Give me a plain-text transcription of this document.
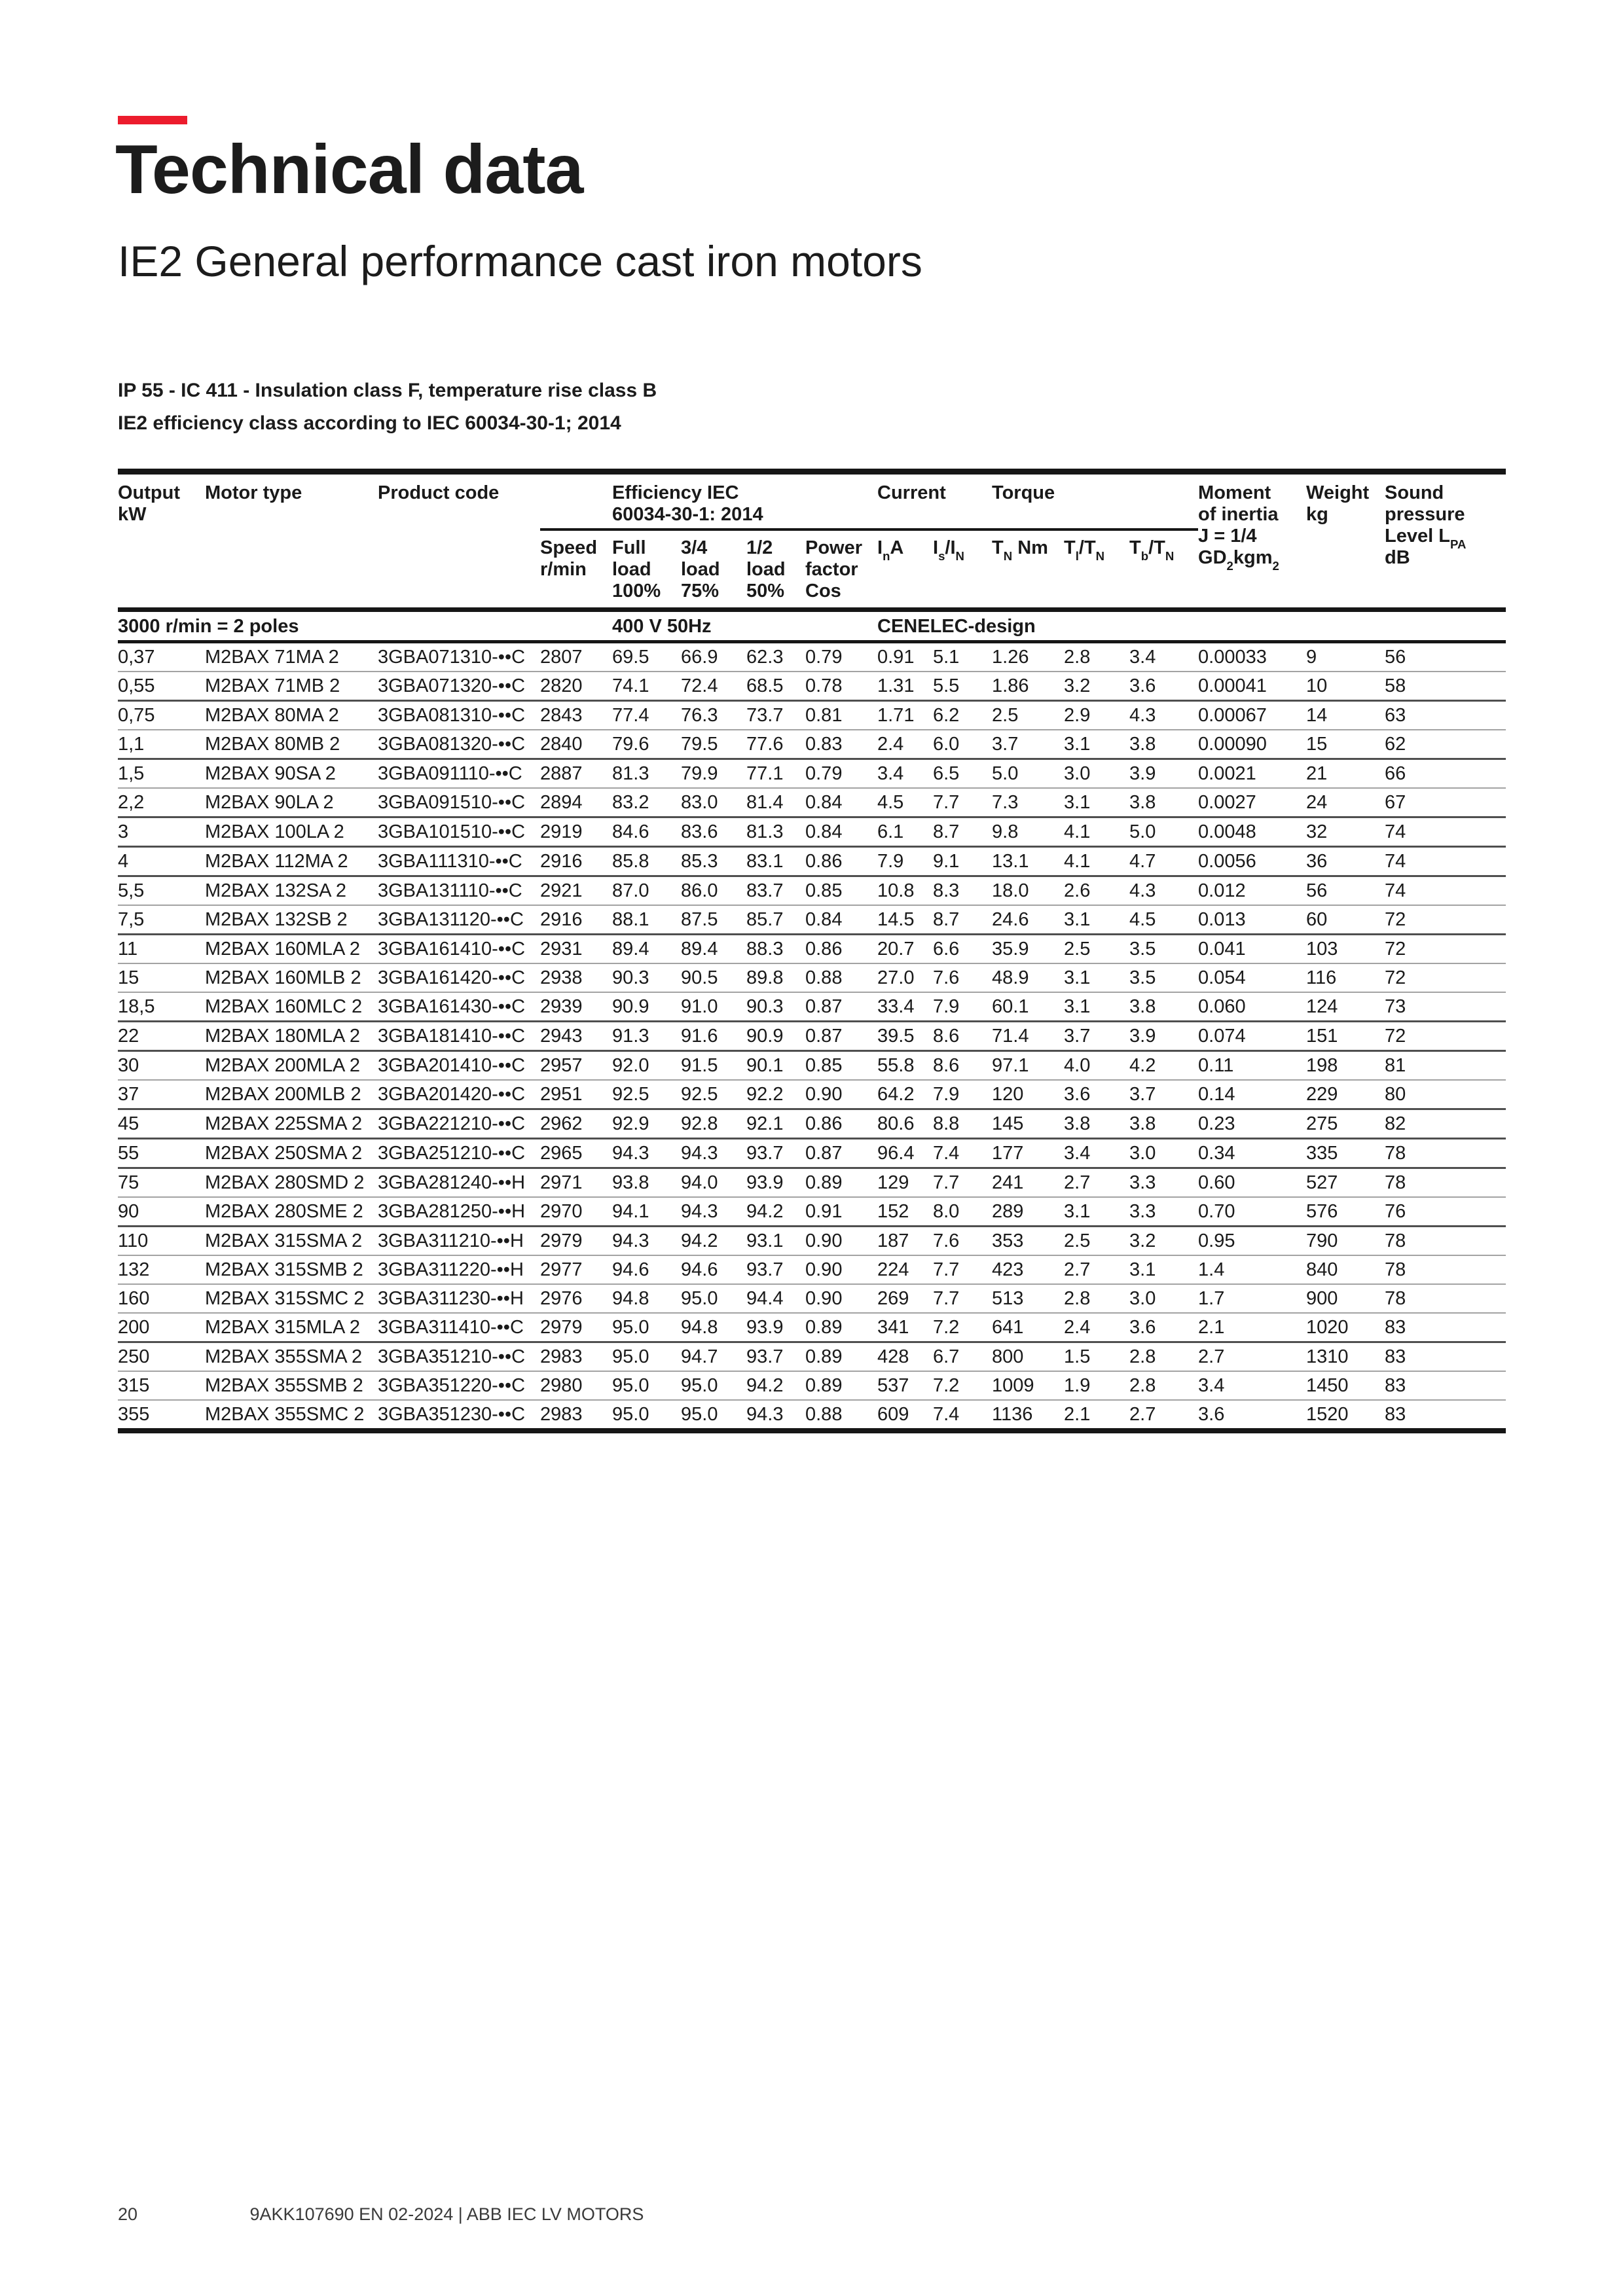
Technical data
IE2 General performance cast iron motors

IP 55 - IC 411 - Insulation class F, temperature rise class B

IE2 efficiency class according to IEC 60034-30-1; 2014

Output
kW	Motor type	Product code		Efficiency IEC
60034-30-1: 2014				Current		Torque			Moment
of inertia
J = 1/4
$GD_2kgm_2$	Weight
kg	Sound
pressure
Level $L_{PA}$
dB
			Speed
r/min	Full
load
100%	3/4
load
75%	1/2
load
50%	Power
factor
Cos	$I_nA$	$I_s/I_N$	$T_N$ Nm	$T_l/T_N$	$T_b/T_N$
3000 r/min = 2 poles				400 V 50Hz				CENELEC-design							
0,37	M2BAX 71MA 2	3GBA071310-••C	2807	69.5	66.9	62.3	0.79	0.91	5.1	1.26	2.8	3.4	0.00033	9	56
0,55	M2BAX 71MB 2	3GBA071320-••C	2820	74.1	72.4	68.5	0.78	1.31	5.5	1.86	3.2	3.6	0.00041	10	58
0,75	M2BAX 80MA 2	3GBA081310-••C	2843	77.4	76.3	73.7	0.81	1.71	6.2	2.5	2.9	4.3	0.00067	14	63
1,1	M2BAX 80MB 2	3GBA081320-••C	2840	79.6	79.5	77.6	0.83	2.4	6.0	3.7	3.1	3.8	0.00090	15	62
1,5	M2BAX 90SA 2	3GBA091110-••C	2887	81.3	79.9	77.1	0.79	3.4	6.5	5.0	3.0	3.9	0.0021	21	66
2,2	M2BAX 90LA 2	3GBA091510-••C	2894	83.2	83.0	81.4	0.84	4.5	7.7	7.3	3.1	3.8	0.0027	24	67
3	M2BAX 100LA 2	3GBA101510-••C	2919	84.6	83.6	81.3	0.84	6.1	8.7	9.8	4.1	5.0	0.0048	32	74
4	M2BAX 112MA 2	3GBA111310-••C	2916	85.8	85.3	83.1	0.86	7.9	9.1	13.1	4.1	4.7	0.0056	36	74
5,5	M2BAX 132SA 2	3GBA131110-••C	2921	87.0	86.0	83.7	0.85	10.8	8.3	18.0	2.6	4.3	0.012	56	74
7,5	M2BAX 132SB 2	3GBA131120-••C	2916	88.1	87.5	85.7	0.84	14.5	8.7	24.6	3.1	4.5	0.013	60	72
11	M2BAX 160MLA 2	3GBA161410-••C	2931	89.4	89.4	88.3	0.86	20.7	6.6	35.9	2.5	3.5	0.041	103	72
15	M2BAX 160MLB 2	3GBA161420-••C	2938	90.3	90.5	89.8	0.88	27.0	7.6	48.9	3.1	3.5	0.054	116	72
18,5	M2BAX 160MLC 2	3GBA161430-••C	2939	90.9	91.0	90.3	0.87	33.4	7.9	60.1	3.1	3.8	0.060	124	73
22	M2BAX 180MLA 2	3GBA181410-••C	2943	91.3	91.6	90.9	0.87	39.5	8.6	71.4	3.7	3.9	0.074	151	72
30	M2BAX 200MLA 2	3GBA201410-••C	2957	92.0	91.5	90.1	0.85	55.8	8.6	97.1	4.0	4.2	0.11	198	81
37	M2BAX 200MLB 2	3GBA201420-••C	2951	92.5	92.5	92.2	0.90	64.2	7.9	120	3.6	3.7	0.14	229	80
45	M2BAX 225SMA 2	3GBA221210-••C	2962	92.9	92.8	92.1	0.86	80.6	8.8	145	3.8	3.8	0.23	275	82
55	M2BAX 250SMA 2	3GBA251210-••C	2965	94.3	94.3	93.7	0.87	96.4	7.4	177	3.4	3.0	0.34	335	78
75	M2BAX 280SMD 2	3GBA281240-••H	2971	93.8	94.0	93.9	0.89	129	7.7	241	2.7	3.3	0.60	527	78
90	M2BAX 280SME 2	3GBA281250-••H	2970	94.1	94.3	94.2	0.91	152	8.0	289	3.1	3.3	0.70	576	76
110	M2BAX 315SMA 2	3GBA311210-••H	2979	94.3	94.2	93.1	0.90	187	7.6	353	2.5	3.2	0.95	790	78
132	M2BAX 315SMB 2	3GBA311220-••H	2977	94.6	94.6	93.7	0.90	224	7.7	423	2.7	3.1	1.4	840	78
160	M2BAX 315SMC 2	3GBA311230-••H	2976	94.8	95.0	94.4	0.90	269	7.7	513	2.8	3.0	1.7	900	78
200	M2BAX 315MLA 2	3GBA311410-••C	2979	95.0	94.8	93.9	0.89	341	7.2	641	2.4	3.6	2.1	1020	83
250	M2BAX 355SMA 2	3GBA351210-••C	2983	95.0	94.7	93.7	0.89	428	6.7	800	1.5	2.8	2.7	1310	83
315	M2BAX 355SMB 2	3GBA351220-••C	2980	95.0	95.0	94.2	0.89	537	7.2	1009	1.9	2.8	3.4	1450	83
355	M2BAX 355SMC 2	3GBA351230-••C	2983	95.0	95.0	94.3	0.88	609	7.4	1136	2.1	2.7	3.6	1520	83
20	9AKK107690 EN 02-2024 | ABB IEC LV MOTORS
